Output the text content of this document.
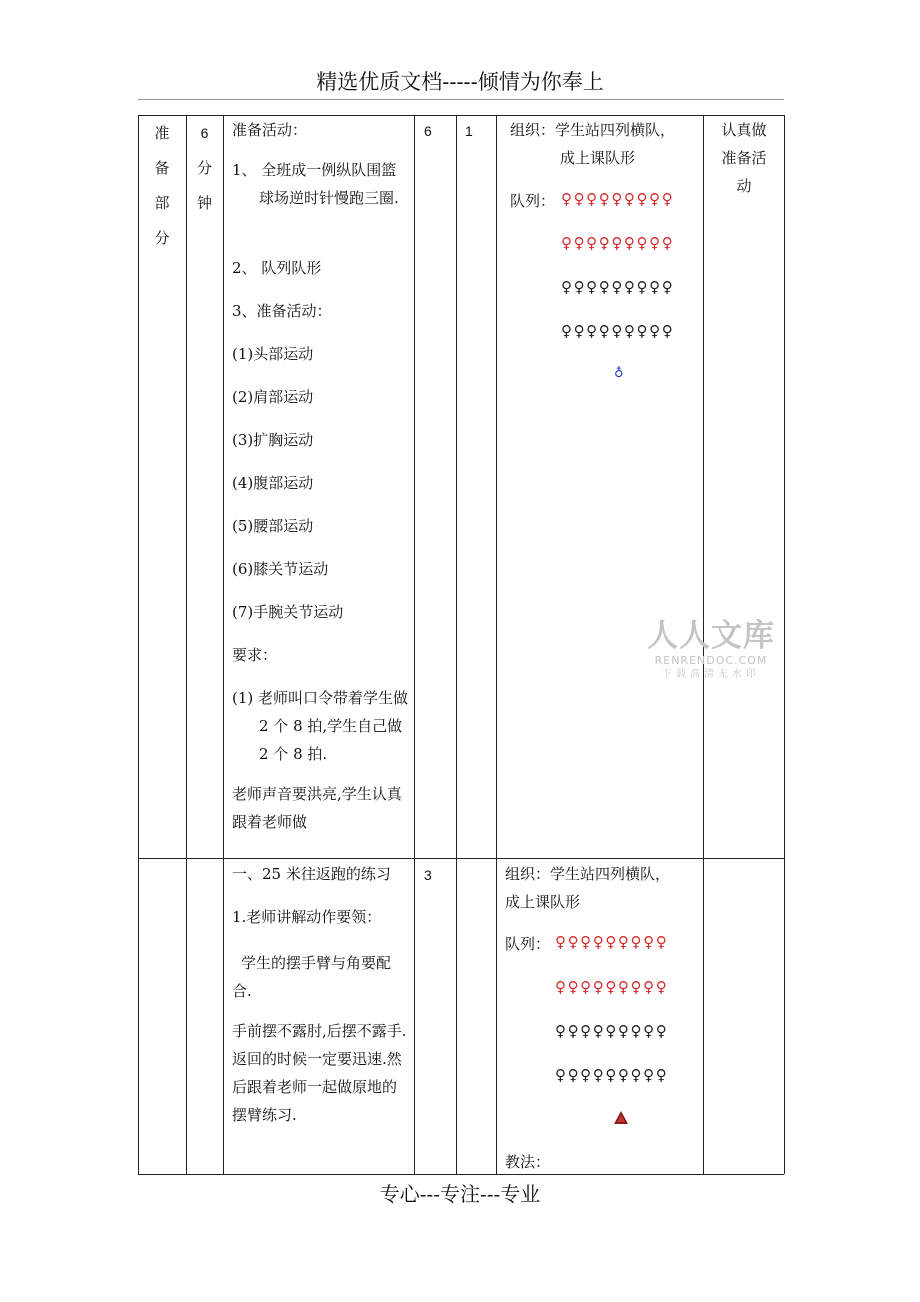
精选优质文档-----倾情为你奉上
准
备
部
分
6
分
钟
准备活动：
1、 全班成一例纵队围篮球场逆时针慢跑三圈.
2、 队列队形
3、准备活动：
(1)头部运动
(2)肩部运动
(3)扩胸运动
(4)腹部运动
(5)腰部运动
(6)膝关节运动
(7)手腕关节运动
要求：
(1) 老师叫口令带着学生做 2 个 8 拍,学生自己做 2 个 8 拍.
老师声音要洪亮,学生认真跟着老师做
6 1 组织：学生站四列横队，
成上课队形
队列： ♀♀♀♀♀♀♀♀♀
♀♀♀♀♀♀♀♀♀
♀♀♀♀♀♀♀♀♀
♀♀♀♀♀♀♀♀♀
♁
认真做
准备活
动
一、25 米往返跑的练习
1.老师讲解动作要领：
学生的摆手臂与角要配合.
手前摆不露肘,后摆不露手.返回的时候一定要迅速.然后跟着老师一起做原地的摆臂练习.
3	组织：学生站四列横队，
成上课队形
队列： ♀♀♀♀♀♀♀♀♀
♀♀♀♀♀♀♀♀♀
♀♀♀♀♀♀♀♀♀
♀♀♀♀♀♀♀♀♀
教法：
人人文库
RENRENDOC.COM
下载高清无水印
专心---专注---专业
